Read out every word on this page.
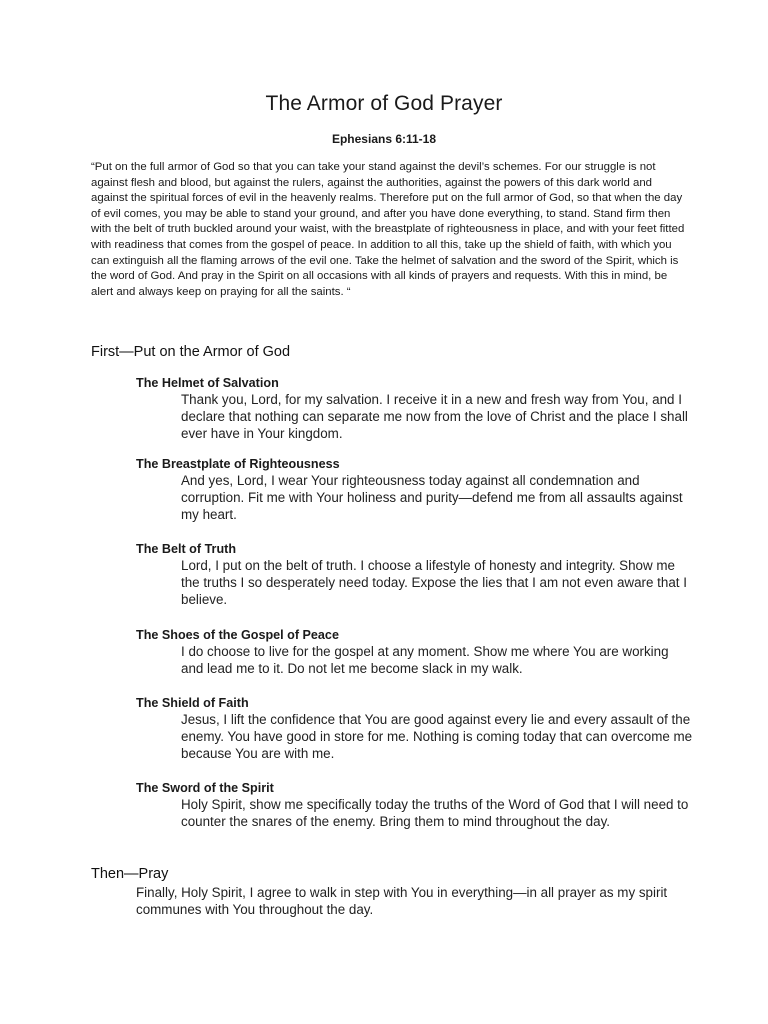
The Armor of God Prayer
Ephesians 6:11-18

“Put on the full armor of God so that you can take your stand against the devil’s schemes. For our struggle is not against flesh and blood, but against the rulers, against the authorities, against the powers of this dark world and against the spiritual forces of evil in the heavenly realms. Therefore put on the full armor of God, so that when the day of evil comes, you may be able to stand your ground, and after you have done everything, to stand. Stand firm then with the belt of truth buckled around your waist, with the breastplate of righteousness in place, and with your feet fitted with readiness that comes from the gospel of peace. In addition to all this, take up the shield of faith, with which you can extinguish all the flaming arrows of the evil one. Take the helmet of salvation and the sword of the Spirit, which is the word of God. And pray in the Spirit on all occasions with all kinds of prayers and requests. With this in mind, be alert and always keep on praying for all the saints. “

First—Put on the Armor of God
The Helmet of Salvation

Thank you, Lord, for my salvation. I receive it in a new and fresh way from You, and I declare that nothing can separate me now from the love of Christ and the place I shall ever have in Your kingdom.

The Breastplate of Righteousness

And yes, Lord, I wear Your righteousness today against all condemnation and corruption. Fit me with Your holiness and purity—defend me from all assaults against my heart.

The Belt of Truth

Lord, I put on the belt of truth. I choose a lifestyle of honesty and integrity. Show me the truths I so desperately need today. Expose the lies that I am not even aware that I believe.

The Shoes of the Gospel of Peace

I do choose to live for the gospel at any moment. Show me where You are working and lead me to it. Do not let me become slack in my walk.

The Shield of Faith

Jesus, I lift the confidence that You are good against every lie and every assault of the enemy. You have good in store for me. Nothing is coming today that can overcome me because You are with me.

The Sword of the Spirit

Holy Spirit, show me specifically today the truths of the Word of God that I will need to counter the snares of the enemy. Bring them to mind throughout the day.

Then—Pray

Finally, Holy Spirit, I agree to walk in step with You in everything—in all prayer as my spirit communes with You throughout the day.
